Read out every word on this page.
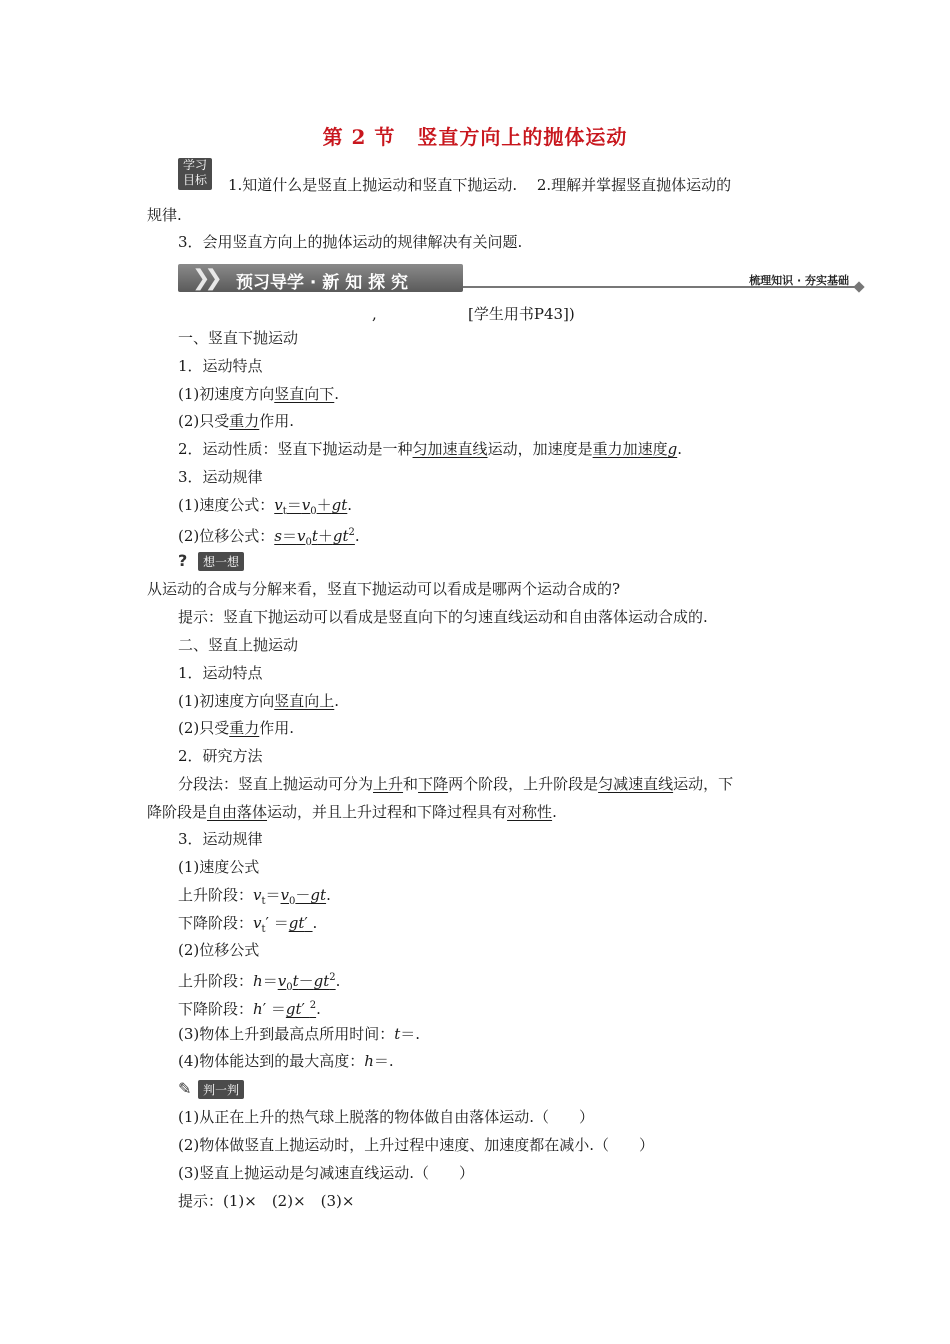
第 2 节 竖直方向上的抛体运动
学习
目标	1.知道什么是竖直上抛运动和竖直下抛运动.　 2.理解并掌握竖直抛体运动的
规律.
3．会用竖直方向上的抛体运动的规律解决有关问题.
❯❯ 预习导学 · 新 知 探 究	梳理知识 · 夯实基础
,	[学生用书P43])
一、竖直下抛运动
1．运动特点
(1)初速度方向竖直向下.
(2)只受重力作用.
2．运动性质：竖直下抛运动是一种匀加速直线运动，加速度是重力加速度g.
3．运动规律
(1)速度公式：$v_t=v_0+gt$.
(2)位移公式：$s=v_0t+gt^2$.
?	想一想
从运动的合成与分解来看，竖直下抛运动可以看成是哪两个运动合成的?
提示：竖直下抛运动可以看成是竖直向下的匀速直线运动和自由落体运动合成的.
二、竖直上抛运动
1．运动特点
(1)初速度方向竖直向上.
(2)只受重力作用.
2．研究方法
分段法：竖直上抛运动可分为上升和下降两个阶段，上升阶段是匀减速直线运动，下
降阶段是自由落体运动，并且上升过程和下降过程具有对称性.
3．运动规律
(1)速度公式
上升阶段：$v_t=v_0-gt$.
下降阶段：$v_t' =gt'$ .
(2)位移公式
上升阶段：$h=v_0t-gt^2$.
下降阶段：h′ ＝gt′ $^2$.
(3)物体上升到最高点所用时间：t＝.
(4)物体能达到的最大高度：h＝.
✎ 判一判
(1)从正在上升的热气球上脱落的物体做自由落体运动.（　　）
(2)物体做竖直上抛运动时，上升过程中速度、加速度都在减小.（　　）
(3)竖直上抛运动是匀减速直线运动.（　　）
提示：(1)×　(2)×　(3)×
